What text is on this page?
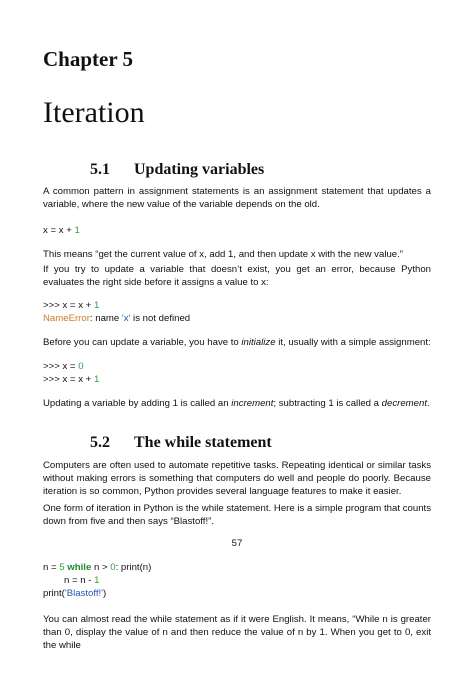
Chapter 5
Iteration
5.1 Updating variables
A common pattern in assignment statements is an assignment statement that updates a variable, where the new value of the variable depends on the old.
x = x + 1
This means “get the current value of x, add 1, and then update x with the new value.”
If you try to update a variable that doesn’t exist, you get an error, because Python evaluates the right side before it assigns a value to x:
>>> x = x + 1
NameError: name 'x' is not defined
Before you can update a variable, you have to initialize it, usually with a simple assignment:
>>> x = 0
>>> x = x + 1
Updating a variable by adding 1 is called an increment; subtracting 1 is called a decrement.
5.2 The while statement
Computers are often used to automate repetitive tasks. Repeating identical or similar tasks without making errors is something that computers do well and people do poorly. Because iteration is so common, Python provides several language features to make it easier.
One form of iteration in Python is the while statement. Here is a simple program that counts down from five and then says “Blastoff!”.
57
n = 5 while n > 0: print(n)
n = n - 1
print('Blastoff!')
You can almost read the while statement as if it were English. It means, “While n is greater than 0, display the value of n and then reduce the value of n by 1. When you get to 0, exit the while
